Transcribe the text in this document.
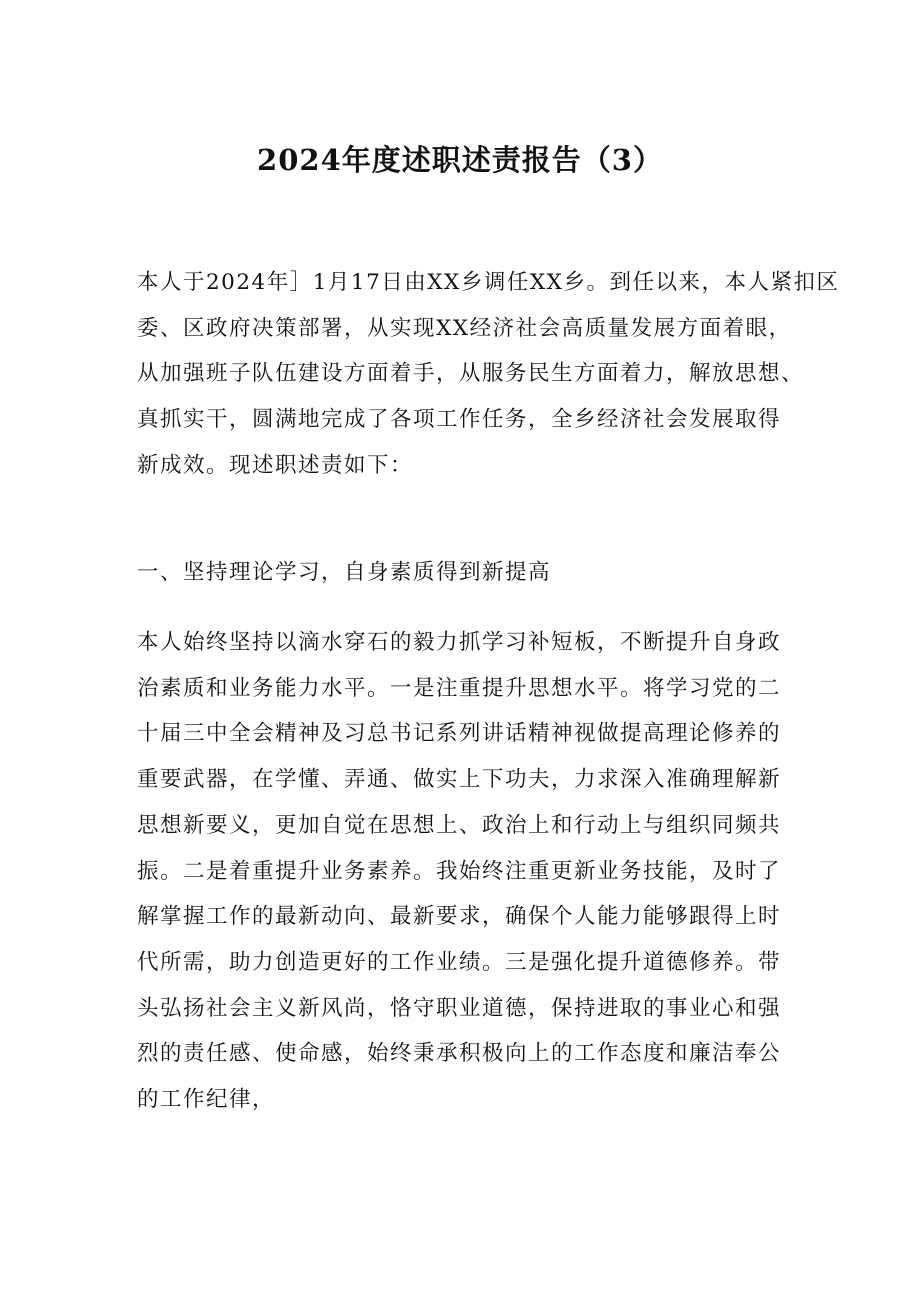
2024年度述职述责报告（3）

本人于2024年］1月17日由XX乡调任XX乡。到任以来，本人紧扣区
委、区政府决策部署，从实现XX经济社会高质量发展方面着眼，
从加强班子队伍建设方面着手，从服务民生方面着力，解放思想、
真抓实干，圆满地完成了各项工作任务，全乡经济社会发展取得
新成效。现述职述责如下：

一、坚持理论学习，自身素质得到新提高

本人始终坚持以滴水穿石的毅力抓学习补短板，不断提升自身政
治素质和业务能力水平。一是注重提升思想水平。将学习党的二
十届三中全会精神及习总书记系列讲话精神视做提高理论修养的
重要武器，在学懂、弄通、做实上下功夫，力求深入准确理解新
思想新要义，更加自觉在思想上、政治上和行动上与组织同频共
振。二是着重提升业务素养。我始终注重更新业务技能，及时了
解掌握工作的最新动向、最新要求，确保个人能力能够跟得上时
代所需，助力创造更好的工作业绩。三是强化提升道德修养。带
头弘扬社会主义新风尚，恪守职业道德，保持进取的事业心和强
烈的责任感、使命感，始终秉承积极向上的工作态度和廉洁奉公
的工作纪律，
